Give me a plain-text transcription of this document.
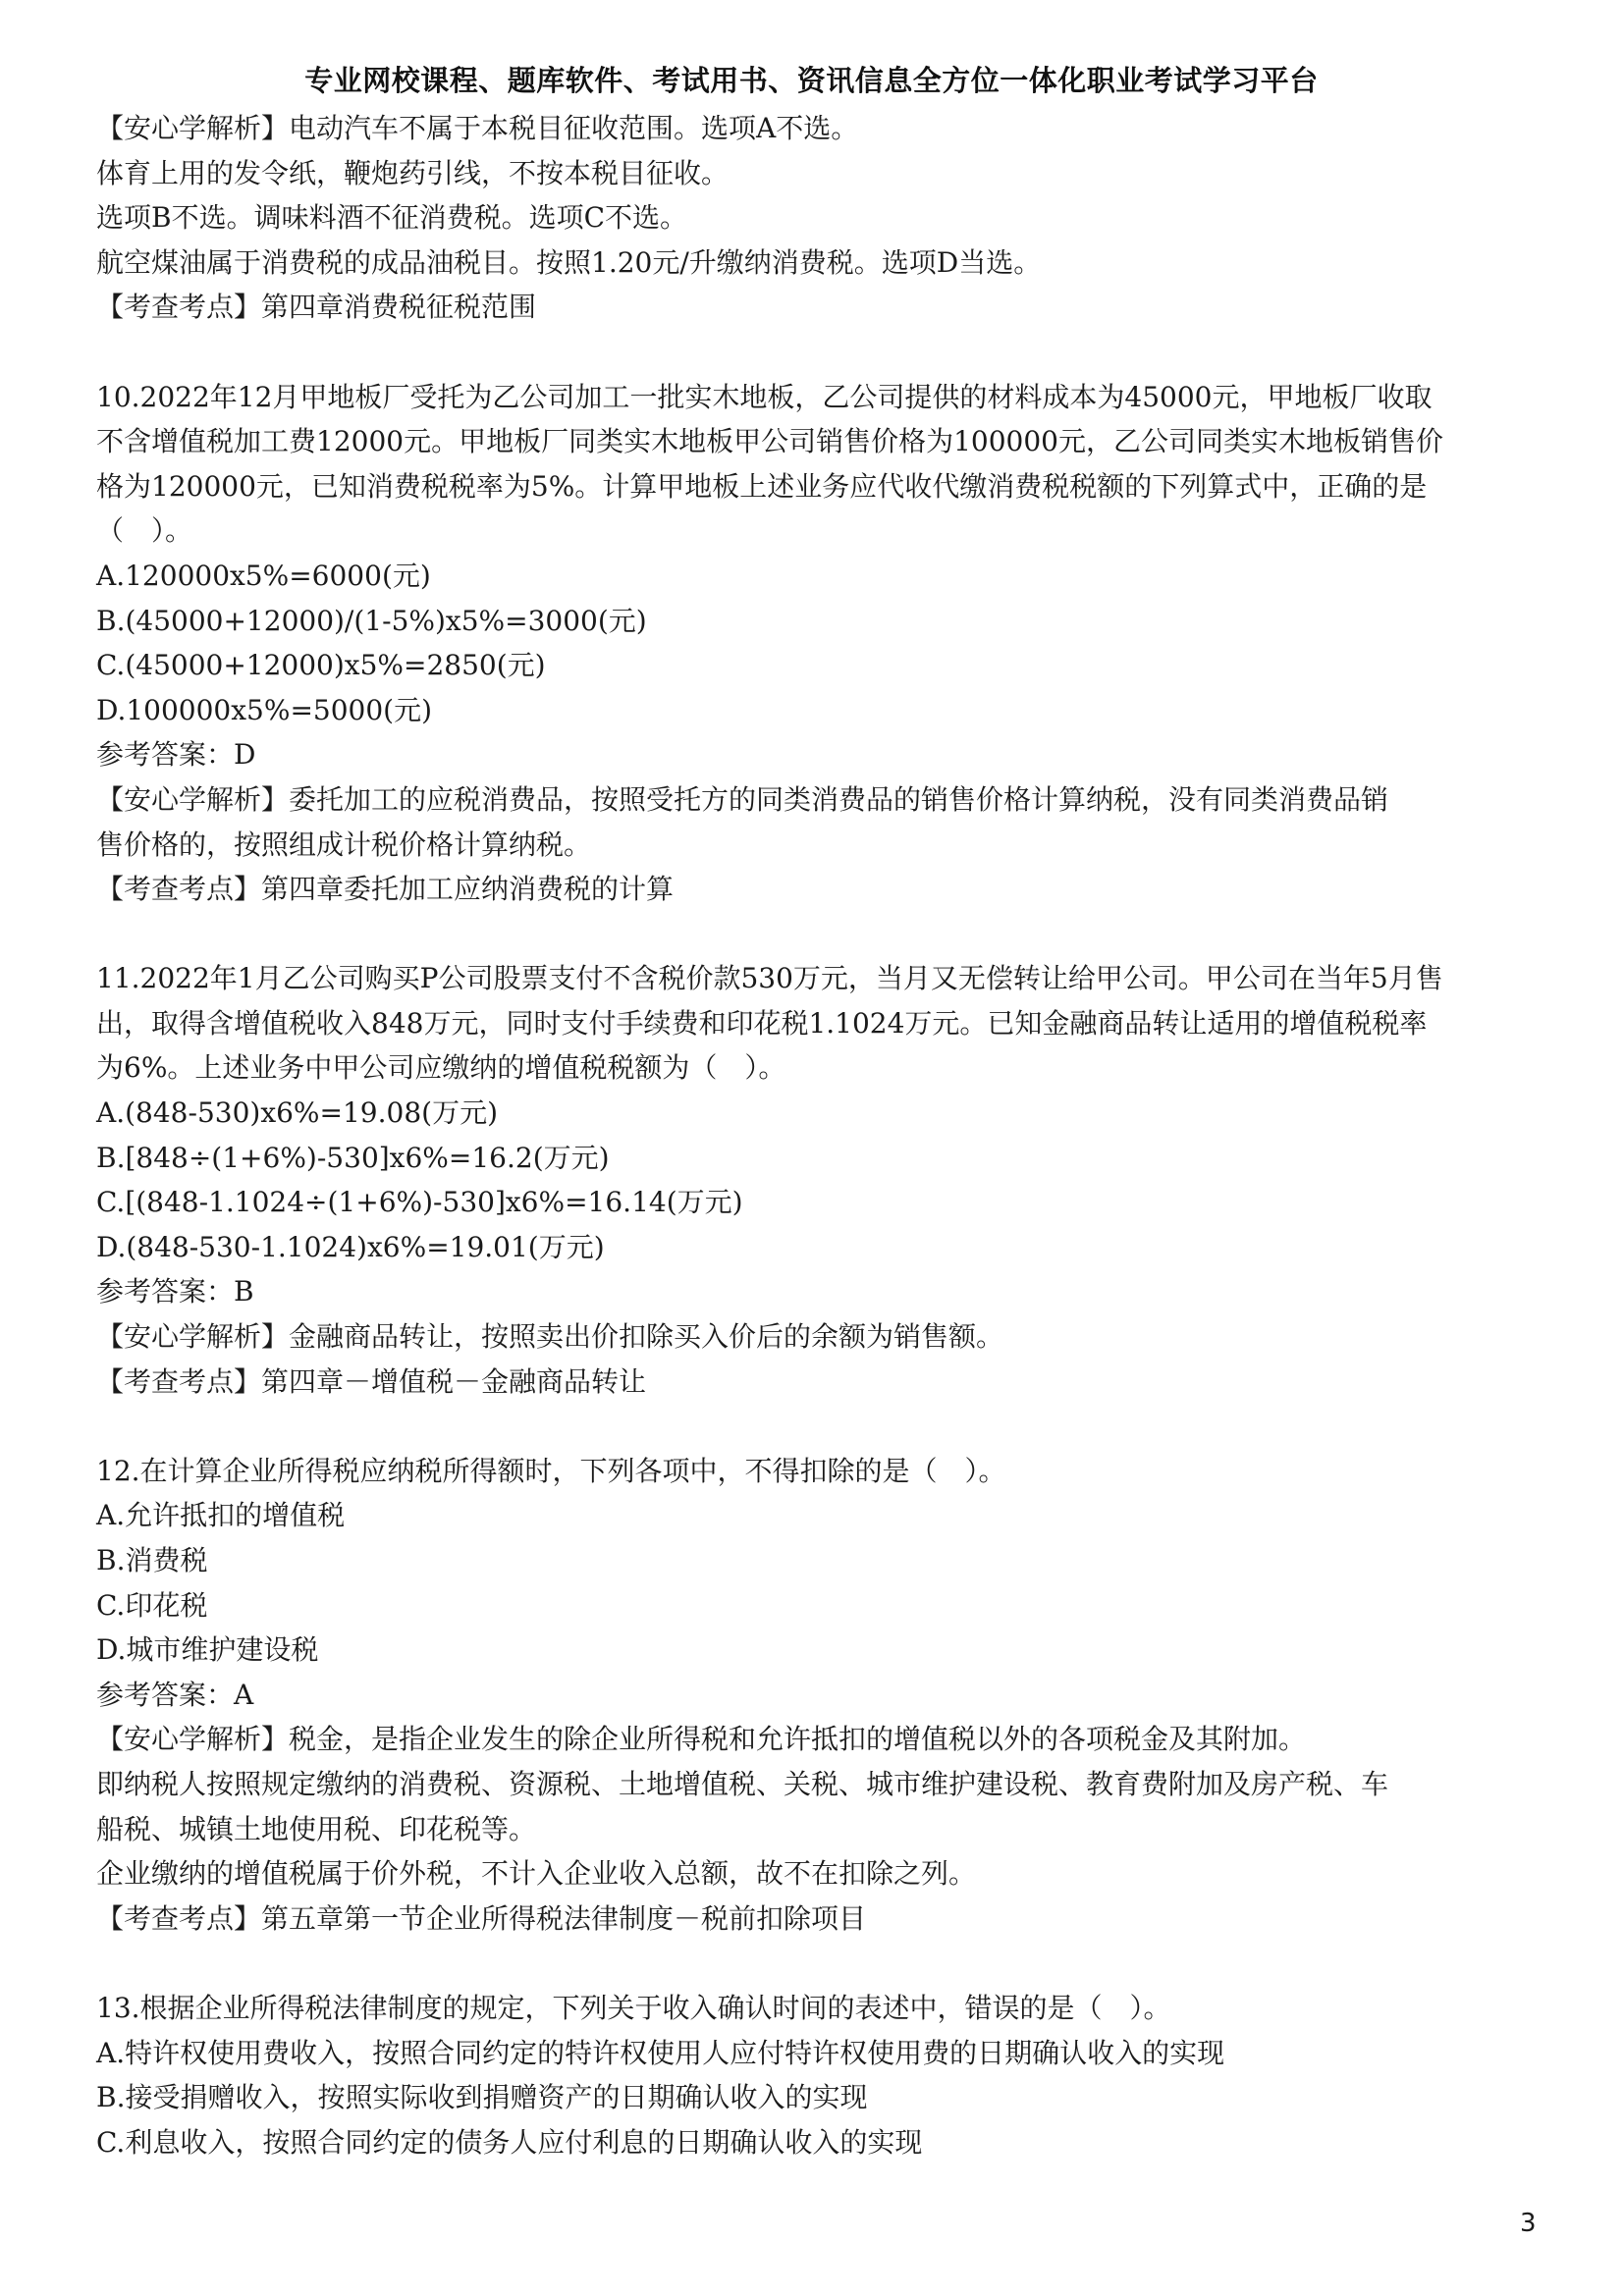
专业网校课程、题库软件、考试用书、资讯信息全方位一体化职业考试学习平台
【安心学解析】电动汽车不属于本税目征收范围。选项A不选。
体育上用的发令纸，鞭炮药引线，不按本税目征收。
选项B不选。调味料酒不征消费税。选项C不选。
航空煤油属于消费税的成品油税目。按照1.20元/升缴纳消费税。选项D当选。
【考查考点】第四章消费税征税范围
10.2022年12月甲地板厂受托为乙公司加工一批实木地板，乙公司提供的材料成本为45000元，甲地板厂收取
不含增值税加工费12000元。甲地板厂同类实木地板甲公司销售价格为100000元，乙公司同类实木地板销售价
格为120000元，已知消费税税率为5%。计算甲地板上述业务应代收代缴消费税税额的下列算式中，正确的是
（　）。
A.120000x5%=6000(元)
B.(45000+12000)/(1-5%)x5%=3000(元)
C.(45000+12000)x5%=2850(元)
D.100000x5%=5000(元)
参考答案：D
【安心学解析】委托加工的应税消费品，按照受托方的同类消费品的销售价格计算纳税，没有同类消费品销
售价格的，按照组成计税价格计算纳税。
【考查考点】第四章委托加工应纳消费税的计算
11.2022年1月乙公司购买P公司股票支付不含税价款530万元，当月又无偿转让给甲公司。甲公司在当年5月售
出，取得含增值税收入848万元，同时支付手续费和印花税1.1024万元。已知金融商品转让适用的增值税税率
为6%。上述业务中甲公司应缴纳的增值税税额为（　）。
A.(848-530)x6%=19.08(万元)
B.[848÷(1+6%)-530]x6%=16.2(万元)
C.[(848-1.1024÷(1+6%)-530]x6%=16.14(万元)
D.(848-530-1.1024)x6%=19.01(万元)
参考答案：B
【安心学解析】金融商品转让，按照卖出价扣除买入价后的余额为销售额。
【考查考点】第四章－增值税－金融商品转让
12.在计算企业所得税应纳税所得额时，下列各项中，不得扣除的是（　）。
A.允许抵扣的增值税
B.消费税
C.印花税
D.城市维护建设税
参考答案：A
【安心学解析】税金，是指企业发生的除企业所得税和允许抵扣的增值税以外的各项税金及其附加。
即纳税人按照规定缴纳的消费税、资源税、土地增值税、关税、城市维护建设税、教育费附加及房产税、车
船税、城镇土地使用税、印花税等。
企业缴纳的增值税属于价外税，不计入企业收入总额，故不在扣除之列。
【考查考点】第五章第一节企业所得税法律制度－税前扣除项目
13.根据企业所得税法律制度的规定，下列关于收入确认时间的表述中，错误的是（　）。
A.特许权使用费收入，按照合同约定的特许权使用人应付特许权使用费的日期确认收入的实现
B.接受捐赠收入，按照实际收到捐赠资产的日期确认收入的实现
C.利息收入，按照合同约定的债务人应付利息的日期确认收入的实现
3
